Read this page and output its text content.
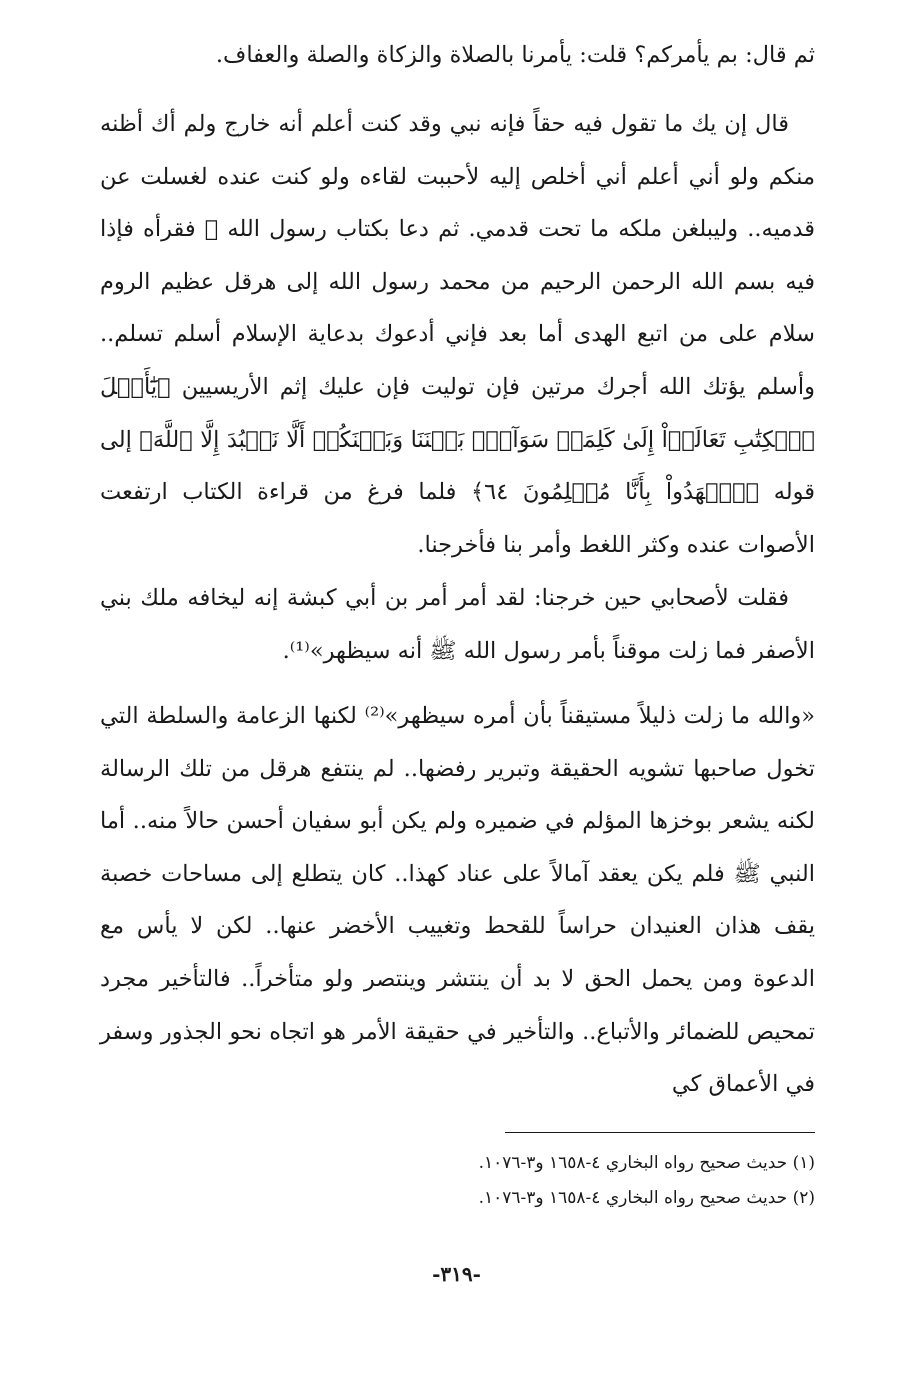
ثم قال: بم يأمركم؟ قلت: يأمرنا بالصلاة والزكاة والصلة والعفاف.

قال إن يك ما تقول فيه حقاً فإنه نبي وقد كنت أعلم أنه خارج ولم أك أظنه منكم ولو أني أعلم أني أخلص إليه لأحببت لقاءه ولو كنت عنده لغسلت عن قدميه.. وليبلغن ملكه ما تحت قدمي. ثم دعا بكتاب رسول الله ﷺ فقرأه فإذا فيه بسم الله الرحمن الرحيم من محمد رسول الله إلى هرقل عظيم الروم سلام على من اتبع الهدى أما بعد فإني أدعوك بدعاية الإسلام أسلم تسلم.. وأسلم يؤتك الله أجرك مرتين فإن توليت فإن عليك إثم الأريسيين ﴿يَٰٓأَهۡلَ ٱلۡكِتَٰبِ تَعَالَوۡاْ إِلَىٰ كَلِمَةٖ سَوَآءِۭ بَيۡنَنَا وَبَيۡنَكُمۡ أَلَّا نَعۡبُدَ إِلَّا ٱللَّهَ﴾ إلى قوله ﴿ٱشۡهَدُواْ بِأَنَّا مُسۡلِمُونَ ٦٤﴾ فلما فرغ من قراءة الكتاب ارتفعت الأصوات عنده وكثر اللغط وأمر بنا فأخرجنا.

فقلت لأصحابي حين خرجنا: لقد أمر أمر بن أبي كبشة إنه ليخافه ملك بني الأصفر فما زلت موقناً بأمر رسول الله ﷺ أنه سيظهر»⁽¹⁾.

«والله ما زلت ذليلاً مستيقناً بأن أمره سيظهر»⁽²⁾ لكنها الزعامة والسلطة التي تخول صاحبها تشويه الحقيقة وتبرير رفضها.. لم ينتفع هرقل من تلك الرسالة لكنه يشعر بوخزها المؤلم في ضميره ولم يكن أبو سفيان أحسن حالاً منه.. أما النبي ﷺ فلم يكن يعقد آمالاً على عناد كهذا.. كان يتطلع إلى مساحات خصبة يقف هذان العنيدان حراساً للقحط وتغييب الأخضر عنها.. لكن لا يأس مع الدعوة ومن يحمل الحق لا بد أن ينتشر وينتصر ولو متأخراً.. فالتأخير مجرد تمحيص للضمائر والأتباع.. والتأخير في حقيقة الأمر هو اتجاه نحو الجذور وسفر في الأعماق كي

(١) حديث صحيح رواه البخاري ٤-١٦٥٨ و٣-١٠٧٦.

(٢) حديث صحيح رواه البخاري ٤-١٦٥٨ و٣-١٠٧٦.

-٣١٩-
